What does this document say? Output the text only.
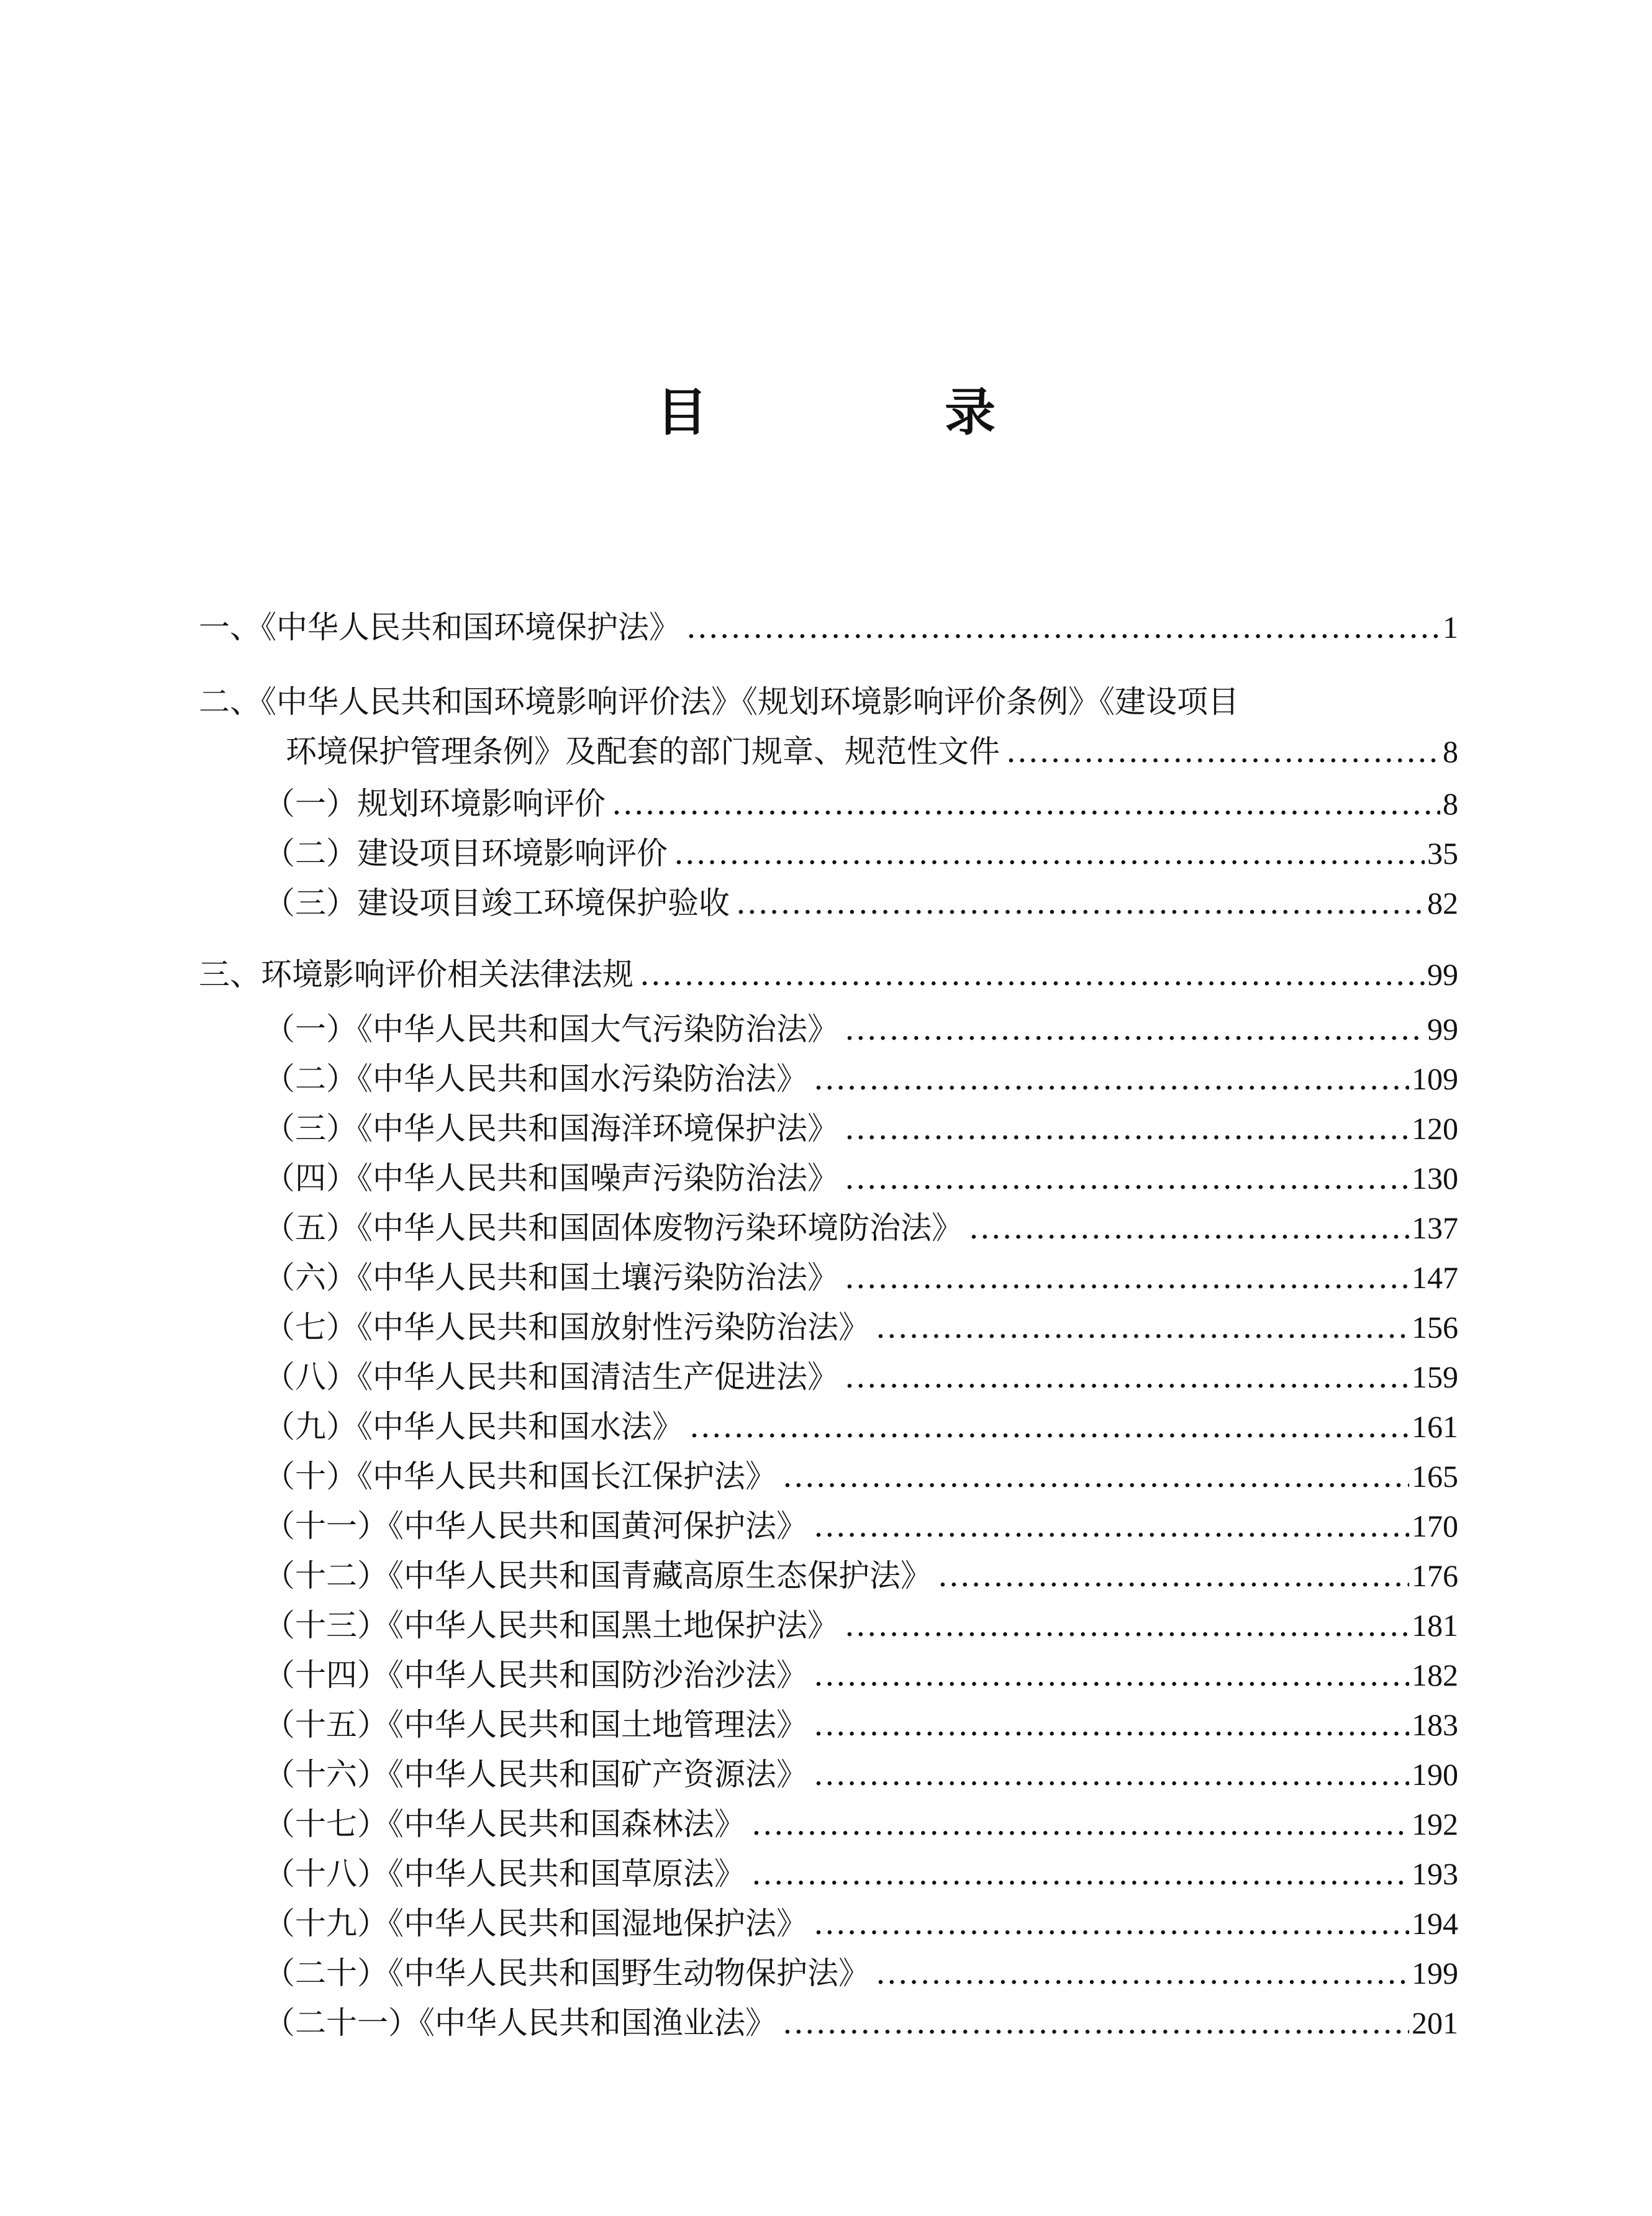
目　录
一、《中华人民共和国环境保护法》 .....	1
二、《中华人民共和国环境影响评价法》《规划环境影响评价条例》《建设项目
环境保护管理条例》及配套的部门规章、规范性文件 .....	8
（一）规划环境影响评价 .....	8
（二）建设项目环境影响评价 .....	35
（三）建设项目竣工环境保护验收 .....	82
三、环境影响评价相关法律法规 .....	99
（一）《中华人民共和国大气污染防治法》 .....	99
（二）《中华人民共和国水污染防治法》 .....	109
（三）《中华人民共和国海洋环境保护法》 .....	120
（四）《中华人民共和国噪声污染防治法》 .....	130
（五）《中华人民共和国固体废物污染环境防治法》 .....	137
（六）《中华人民共和国土壤污染防治法》 .....	147
（七）《中华人民共和国放射性污染防治法》 .....	156
（八）《中华人民共和国清洁生产促进法》 .....	159
（九）《中华人民共和国水法》 .....	161
（十）《中华人民共和国长江保护法》 .....	165
（十一）《中华人民共和国黄河保护法》 .....	170
（十二）《中华人民共和国青藏高原生态保护法》 .....	176
（十三）《中华人民共和国黑土地保护法》 .....	181
（十四）《中华人民共和国防沙治沙法》 .....	182
（十五）《中华人民共和国土地管理法》 .....	183
（十六）《中华人民共和国矿产资源法》 .....	190
（十七）《中华人民共和国森林法》 .....	192
（十八）《中华人民共和国草原法》 .....	193
（十九）《中华人民共和国湿地保护法》 .....	194
（二十）《中华人民共和国野生动物保护法》 .....	199
（二十一）《中华人民共和国渔业法》 .....	201
